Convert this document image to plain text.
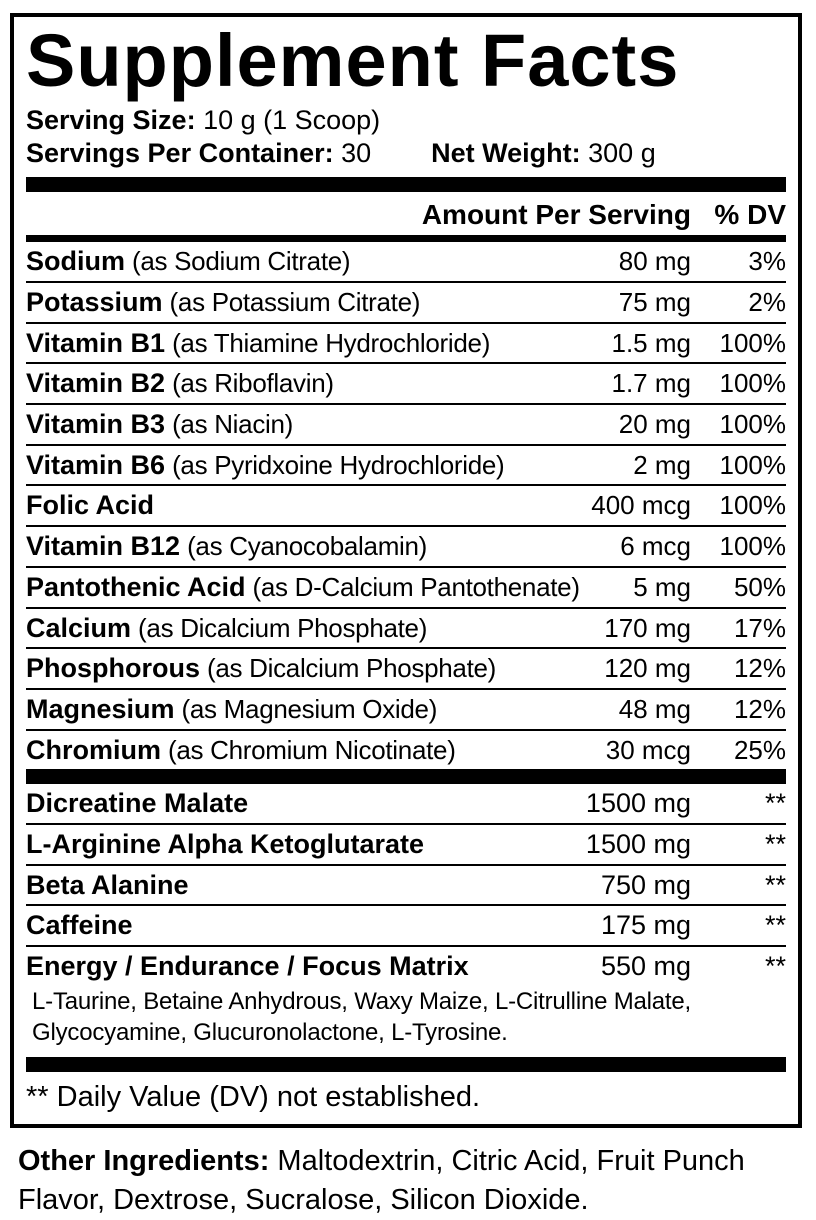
Supplement Facts
Serving Size: 10 g (1 Scoop)
Servings Per Container: 30 Net Weight: 300 g
Amount Per Serving % DV
Sodium (as Sodium Citrate)	80 mg	3%
Potassium (as Potassium Citrate)	75 mg	2%
Vitamin B1 (as Thiamine Hydrochloride)	1.5 mg	100%
Vitamin B2 (as Riboflavin)	1.7 mg	100%
Vitamin B3 (as Niacin)	20 mg	100%
Vitamin B6 (as Pyridxoine Hydrochloride)	2 mg	100%
Folic Acid	400 mcg	100%
Vitamin B12 (as Cyanocobalamin)	6 mcg	100%
Pantothenic Acid (as D-Calcium Pantothenate)	5 mg	50%
Calcium (as Dicalcium Phosphate)	170 mg	17%
Phosphorous (as Dicalcium Phosphate)	120 mg	12%
Magnesium (as Magnesium Oxide)	48 mg	12%
Chromium (as Chromium Nicotinate)	30 mcg	25%
Dicreatine Malate	1500 mg	**
L-Arginine Alpha Ketoglutarate	1500 mg	**
Beta Alanine	750 mg	**
Caffeine	175 mg	**
Energy / Endurance / Focus Matrix	550 mg	**
L-Taurine, Betaine Anhydrous, Waxy Maize, L-Citrulline Malate,
Glycocyamine, Glucuronolactone, L-Tyrosine.
** Daily Value (DV) not established.
Other Ingredients: Maltodextrin, Citric Acid, Fruit Punch Flavor, Dextrose, Sucralose, Silicon Dioxide.
